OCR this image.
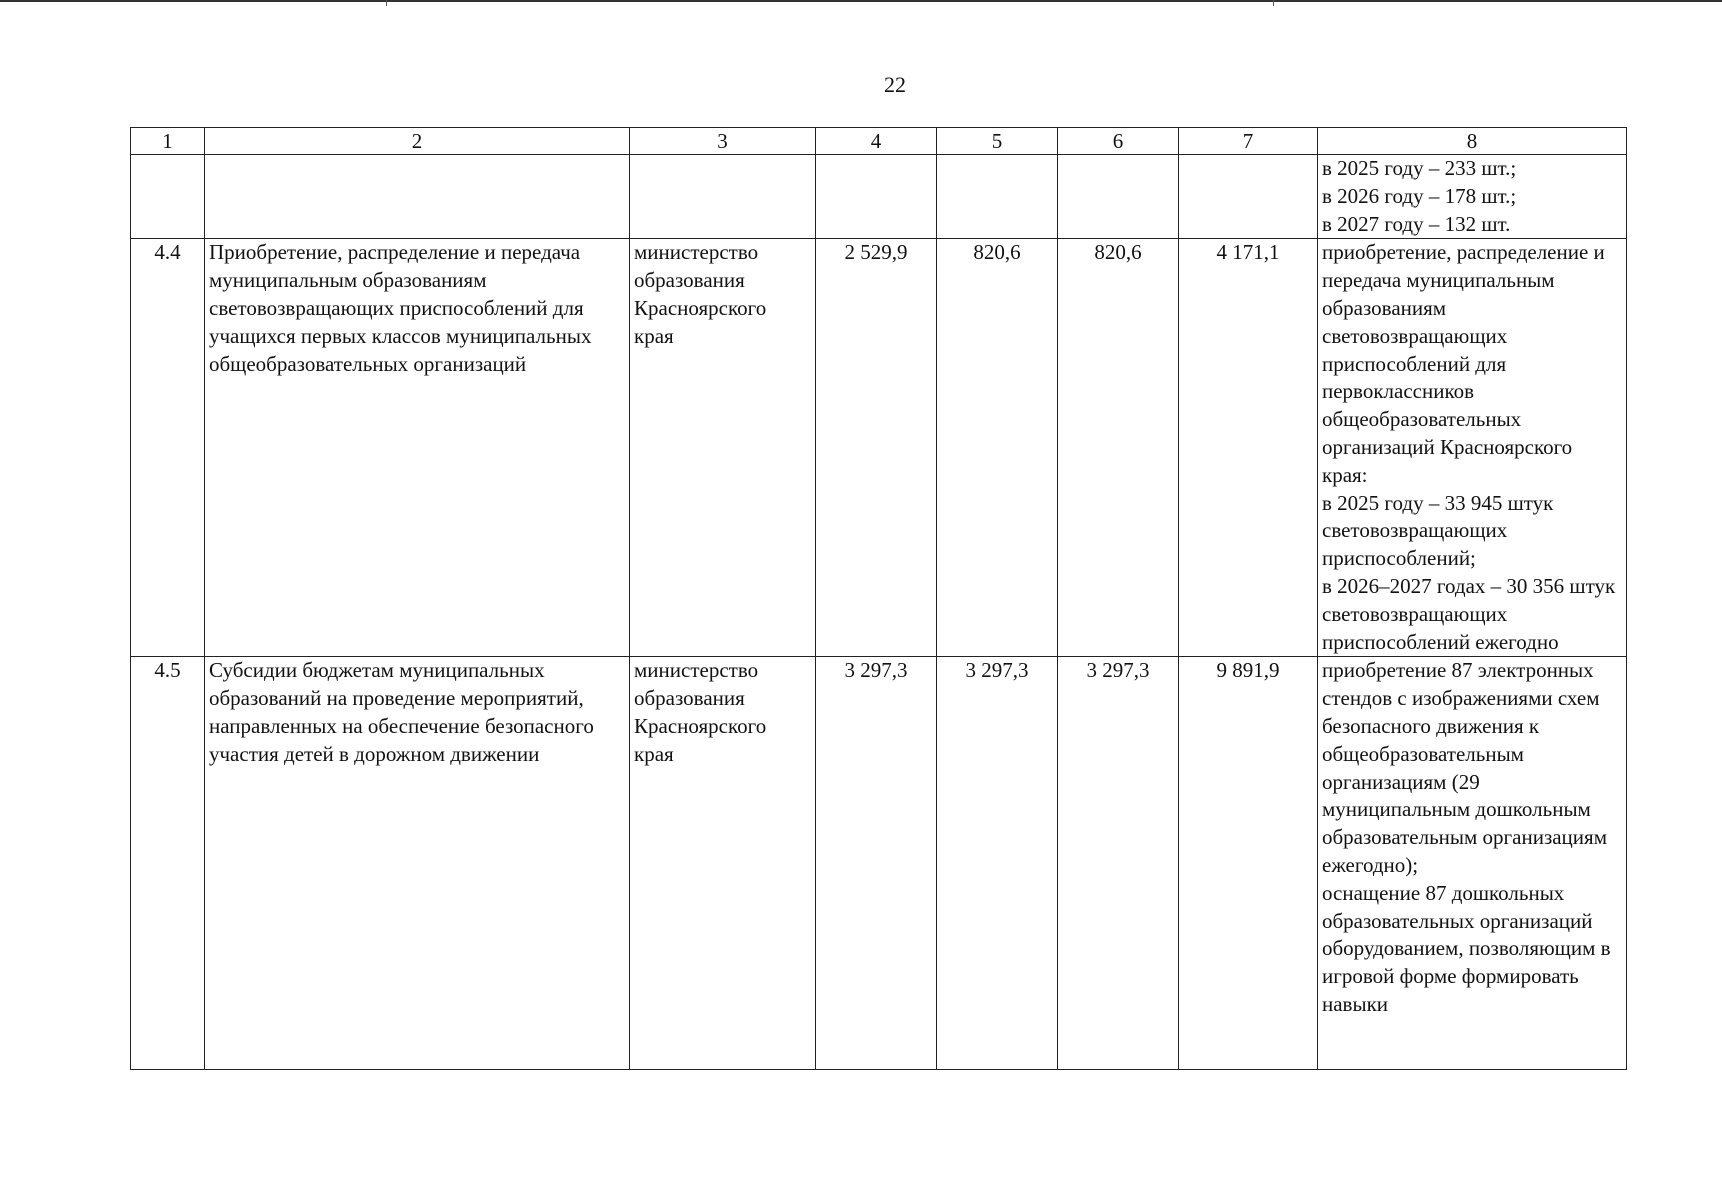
22
1	2	3	4	5	6	7	8
							в 2025 году – 233 шт.;
в 2026 году – 178 шт.;
в 2027 году – 132 шт.
4.4	Приобретение, распределение и передача муниципальным образованиям световозвращающих приспособлений для учащихся первых классов муниципальных общеобразовательных организаций	министерство образования Красноярского края	2 529,9	820,6	820,6	4 171,1	приобретение, распределение и передача муниципальным образованиям световозвращающих приспособлений для первоклассников общеобразовательных организаций Красноярского края:
в 2025 году – 33 945 штук световозвращающих приспособлений;
в 2026–2027 годах – 30 356 штук световозвращающих приспособлений ежегодно
4.5	Субсидии бюджетам муниципальных образований на проведение мероприятий, направленных на обеспечение безопасного участия детей в дорожном движении	министерство образования Красноярского края	3 297,3	3 297,3	3 297,3	9 891,9	приобретение 87 электронных стендов с изображениями схем безопасного движения к общеобразовательным организациям (29 муниципальным дошкольным образовательным организациям ежегодно);
оснащение 87 дошкольных образовательных организаций оборудованием, позволяющим в игровой форме формировать навыки
